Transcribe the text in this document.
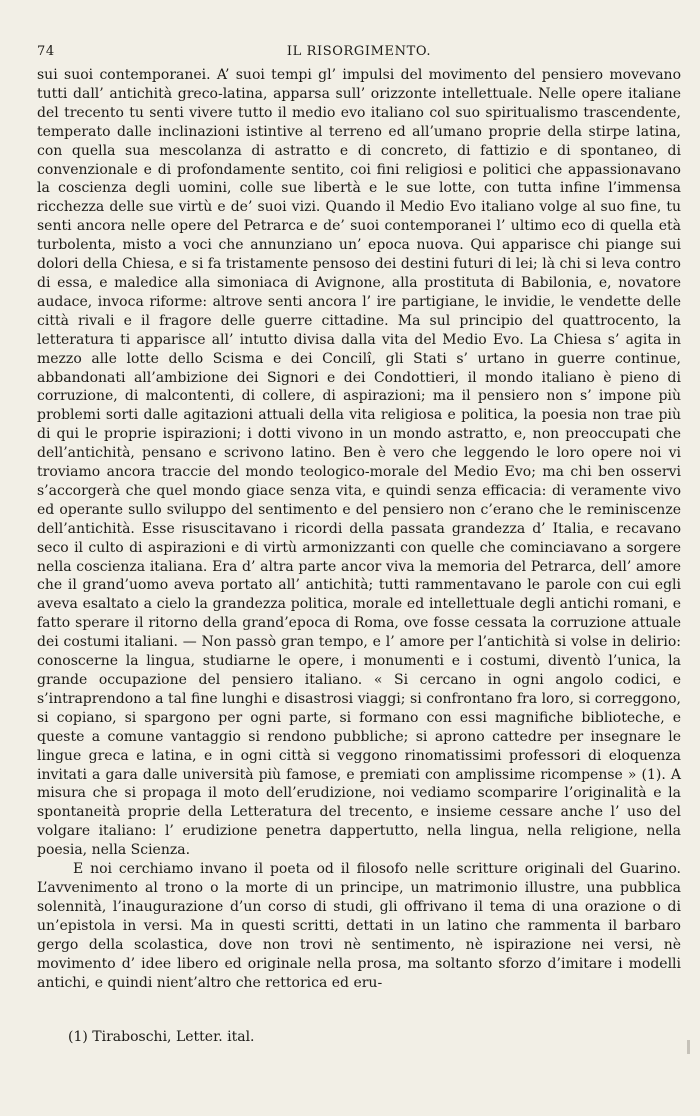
74	IL RISORGIMENTO.

sui suoi contemporanei. A’ suoi tempi gl’ impulsi del movimento del pensiero movevano tutti dall’ antichità greco-latina, apparsa sull’ orizzonte intellettuale. Nelle opere italiane del trecento tu senti vivere tutto il medio evo italiano col suo spiritualismo trascendente, temperato dalle inclinazioni istintive al terreno ed all’umano proprie della stirpe latina, con quella sua mescolanza di astratto e di concreto, di fattizio e di spontaneo, di convenzionale e di profondamente sentito, coi fini religiosi e politici che appassionavano la coscienza degli uomini, colle sue libertà e le sue lotte, con tutta infine l’immensa ricchezza delle sue virtù e de’ suoi vizi. Quando il Medio Evo italiano volge al suo fine, tu senti ancora nelle opere del Petrarca e de’ suoi contemporanei l’ ultimo eco di quella età turbolenta, misto a voci che annunziano un’ epoca nuova. Qui apparisce chi piange sui dolori della Chiesa, e si fa tristamente pensoso dei destini futuri di lei; là chi si leva contro di essa, e maledice alla simoniaca di Avignone, alla prostituta di Babilonia, e, novatore audace, invoca riforme: altrove senti ancora l’ ire partigiane, le invidie, le vendette delle città rivali e il fragore delle guerre cittadine. Ma sul principio del quattrocento, la letteratura ti apparisce all’ intutto divisa dalla vita del Medio Evo. La Chiesa s’ agita in mezzo alle lotte dello Scisma e dei Concilî, gli Stati s’ urtano in guerre continue, abbandonati all’ambizione dei Signori e dei Condottieri, il mondo italiano è pieno di corruzione, di malcontenti, di collere, di aspirazioni; ma il pensiero non s’ impone più problemi sorti dalle agitazioni attuali della vita religiosa e politica, la poesia non trae più di qui le proprie ispirazioni; i dotti vivono in un mondo astratto, e, non preoccupati che dell’antichità, pensano e scrivono latino. Ben è vero che leggendo le loro opere noi vi troviamo ancora traccie del mondo teologico-morale del Medio Evo; ma chi ben osservi s’accorgerà che quel mondo giace senza vita, e quindi senza efficacia: di veramente vivo ed operante sullo sviluppo del sentimento e del pensiero non c’erano che le reminiscenze dell’antichità. Esse risuscitavano i ricordi della passata grandezza d’ Italia, e recavano seco il culto di aspirazioni e di virtù armonizzanti con quelle che cominciavano a sorgere nella coscienza italiana. Era d’ altra parte ancor viva la memoria del Petrarca, dell’ amore che il grand’uomo aveva portato all’ antichità; tutti rammentavano le parole con cui egli aveva esaltato a cielo la grandezza politica, morale ed intellettuale degli antichi romani, e fatto sperare il ritorno della grand’epoca di Roma, ove fosse cessata la corruzione attuale dei costumi italiani. — Non passò gran tempo, e l’ amore per l’antichità si volse in delirio: conoscerne la lingua, studiarne le opere, i monumenti e i costumi, diventò l’unica, la grande occupazione del pensiero italiano. « Si cercano in ogni angolo codici, e s’intraprendono a tal fine lunghi e disastrosi viaggi; si confrontano fra loro, si correggono, si copiano, si spargono per ogni parte, si formano con essi magnifiche biblioteche, e queste a comune vantaggio si rendono pubbliche; si aprono cattedre per insegnare le lingue greca e latina, e in ogni città si veggono rinomatissimi professori di eloquenza invitati a gara dalle università più famose, e premiati con amplissime ricompense » (1). A misura che si propaga il moto dell’erudizione, noi vediamo scomparire l’originalità e la spontaneità proprie della Letteratura del trecento, e insieme cessare anche l’ uso del volgare italiano: l’ erudizione penetra dappertutto, nella lingua, nella religione, nella poesia, nella Scienza.

E noi cerchiamo invano il poeta od il filosofo nelle scritture originali del Guarino. L’avvenimento al trono o la morte di un principe, un matrimonio illustre, una pubblica solennità, l’inaugurazione d’un corso di studi, gli offrivano il tema di una orazione o di un’epistola in versi. Ma in questi scritti, dettati in un latino che rammenta il barbaro gergo della scolastica, dove non trovi nè sentimento, nè ispirazione nei versi, nè movimento d’ idee libero ed originale nella prosa, ma soltanto sforzo d’imitare i modelli antichi, e quindi nient’altro che rettorica ed eru-

(1) Tiraboschi, Letter. ital.
